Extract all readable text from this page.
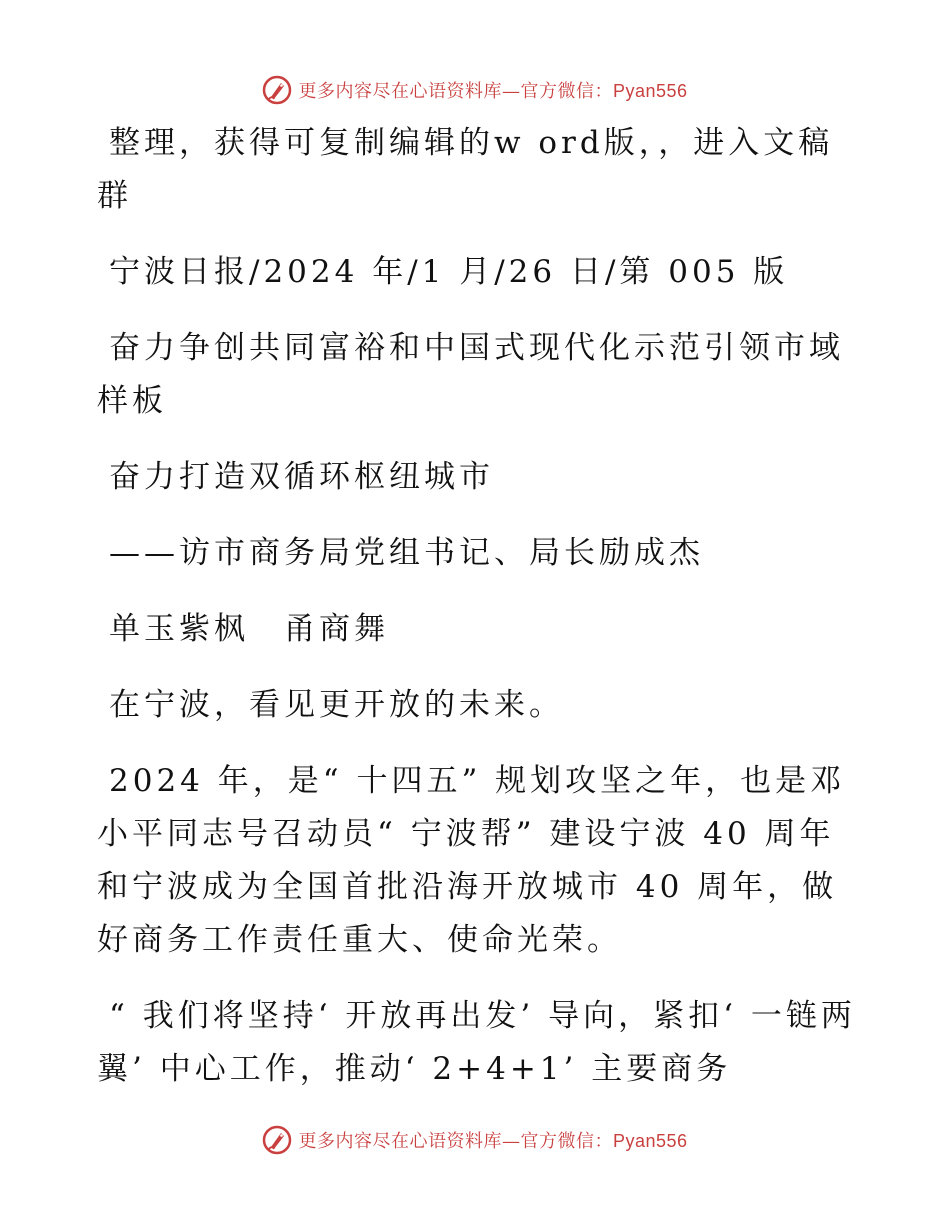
更多内容尽在心语资料库—官方微信：Pyan556

整理，获得可复制编辑的w ord版，，进入文稿群

宁波日报/2024 年/1 月/26 日/第 005 版

奋力争创共同富裕和中国式现代化示范引领市域样板

奋力打造双循环枢纽城市

——访市商务局党组书记、局长励成杰

单玉紫枫　甬商舞

在宁波，看见更开放的未来。

2024 年，是“ 十四五” 规划攻坚之年，也是邓小平同志号召动员“ 宁波帮” 建设宁波 40 周年和宁波成为全国首批沿海开放城市 40 周年，做好商务工作责任重大、使命光荣。

“ 我们将坚持‘ 开放再出发’ 导向，紧扣‘ 一链两翼’ 中心工作，推动‘ 2+4+1’ 主要商务

更多内容尽在心语资料库—官方微信：Pyan556
